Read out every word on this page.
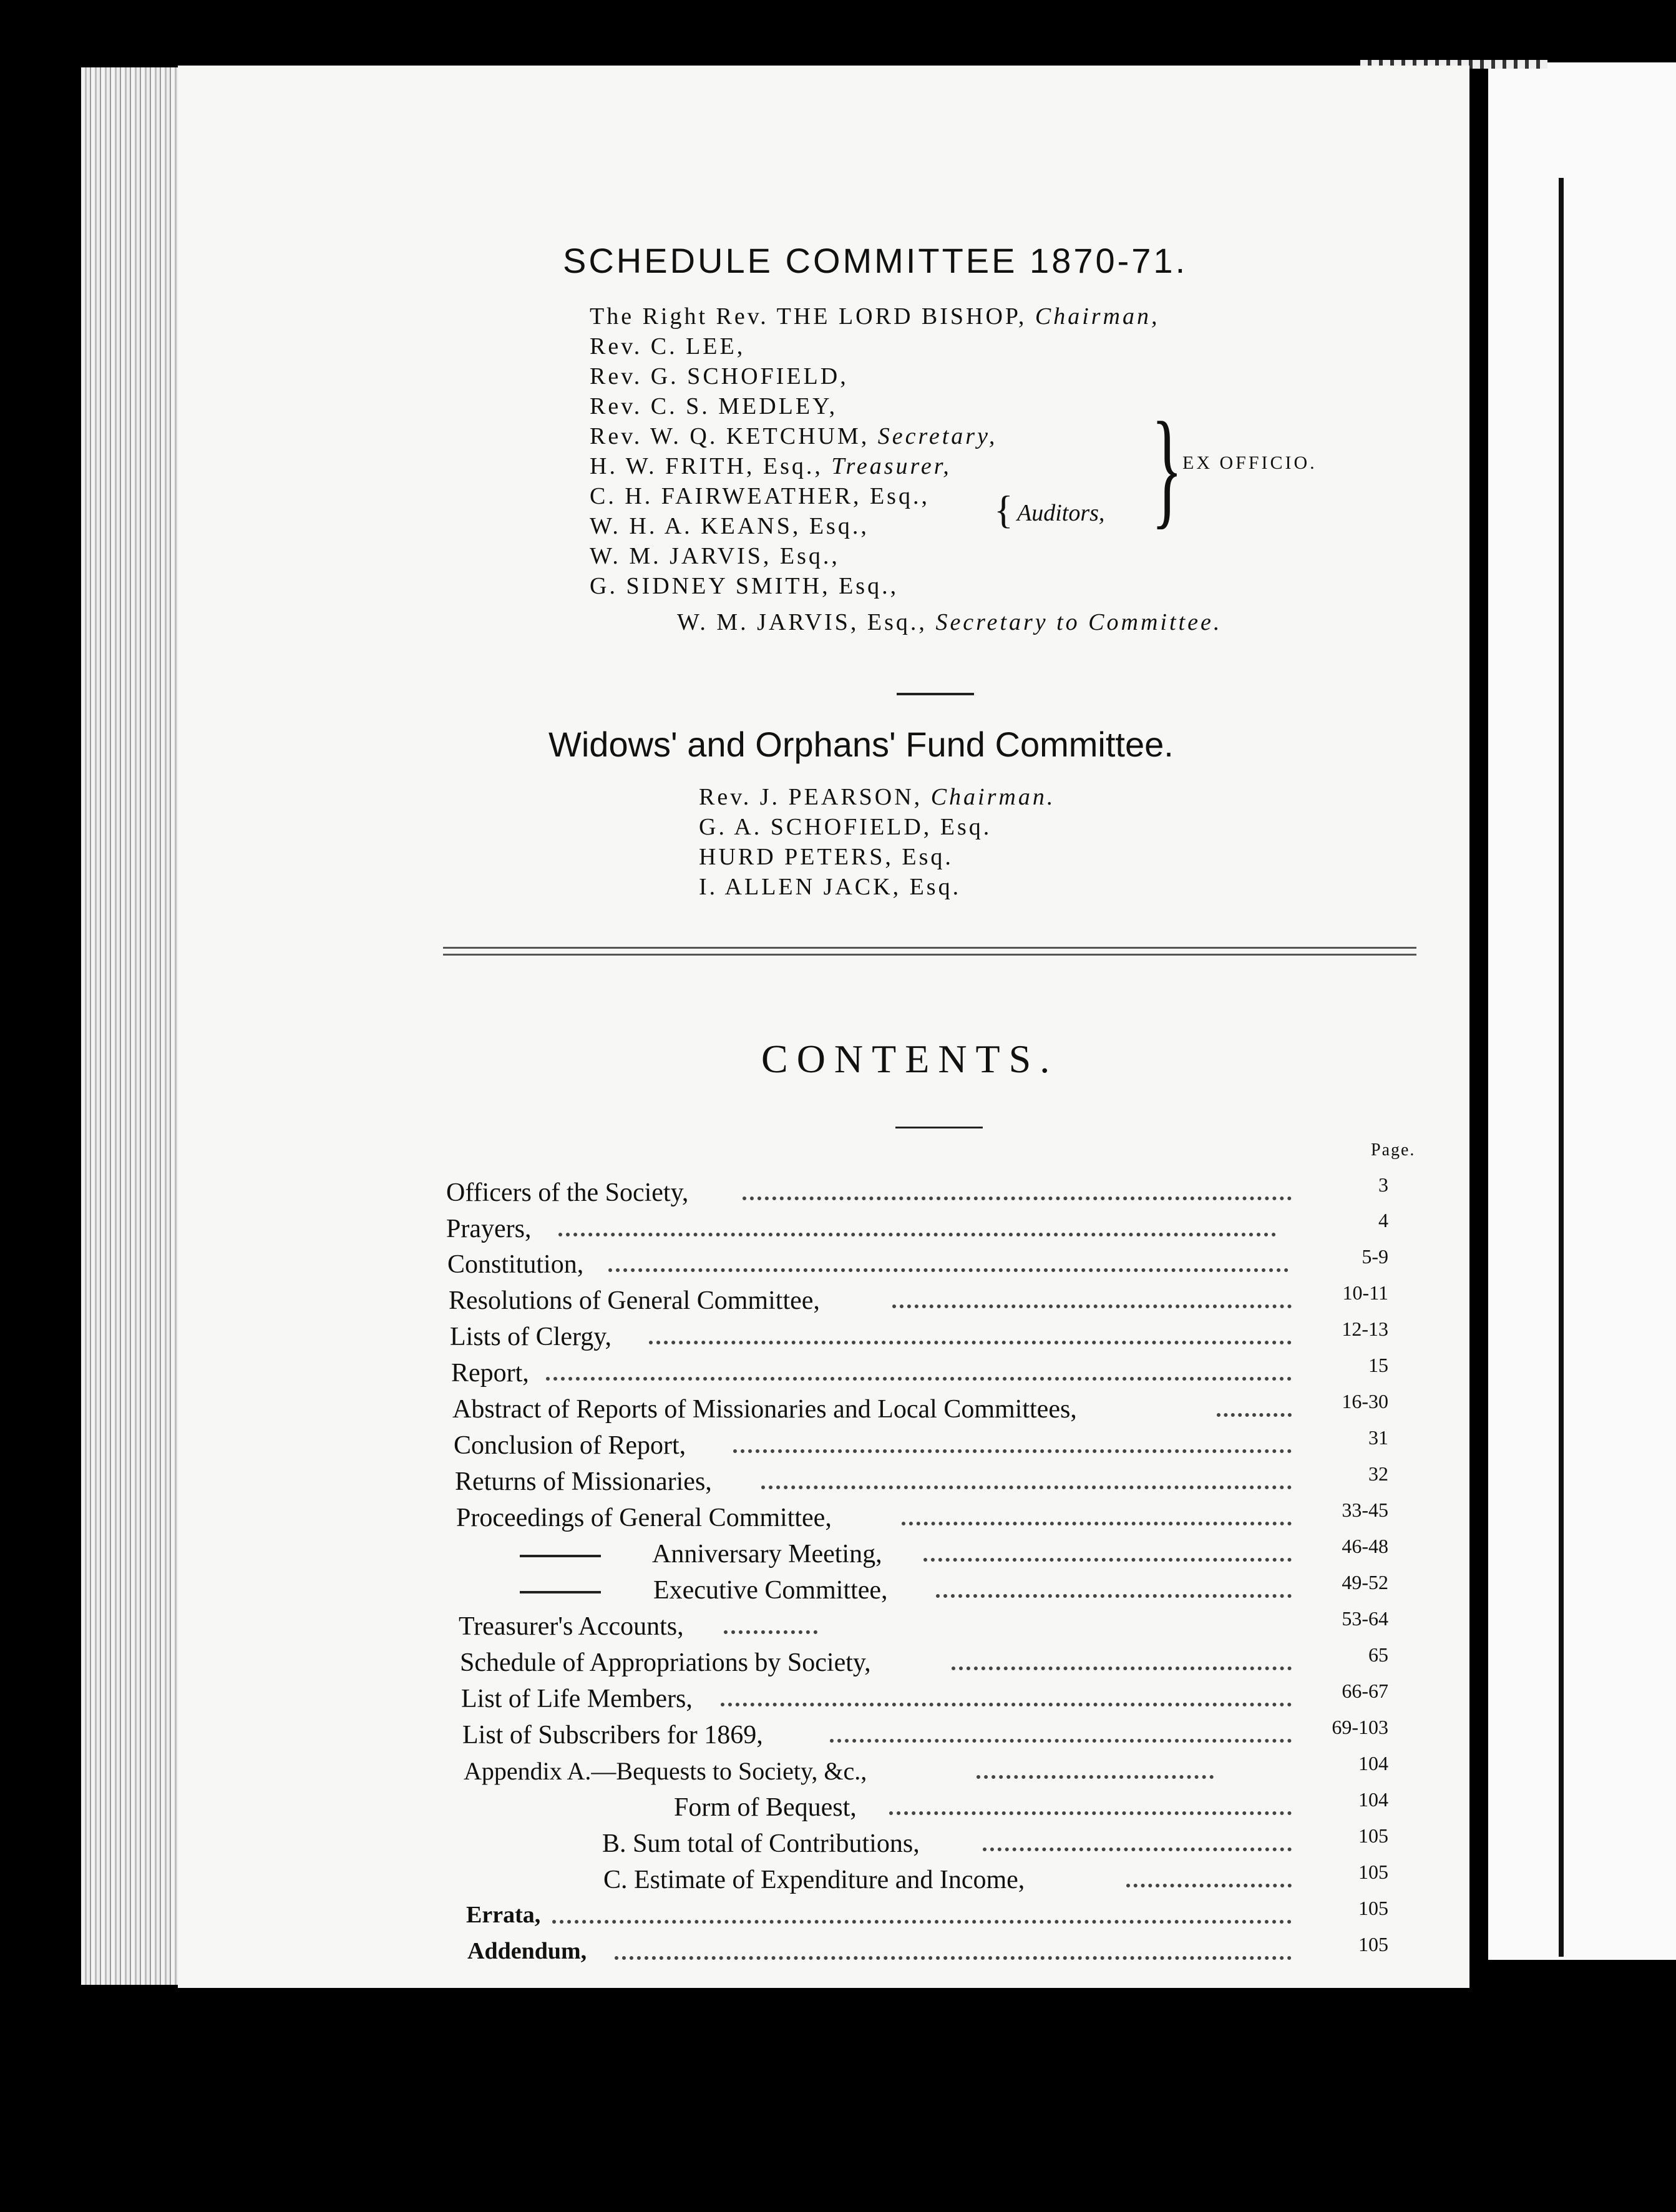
SCHEDULE COMMITTEE 1870-71.
The Right Rev. THE LORD BISHOP, Chairman,
Rev. C. LEE,
Rev. G. SCHOFIELD,
Rev. C. S. MEDLEY,
Rev. W. Q. KETCHUM, Secretary,
H. W. FRITH, Esq., Treasurer,
C. H. FAIRWEATHER, Esq.,
W. H. A. KEANS, Esq.,
W. M. JARVIS, Esq.,
G. SIDNEY SMITH, Esq.,
{ Auditors, } EX OFFICIO.
W. M. JARVIS, Esq., Secretary to Committee.
Widows' and Orphans' Fund Committee.
Rev. J. PEARSON, Chairman.
G. A. SCHOFIELD, Esq.
HURD PETERS, Esq.
I. ALLEN JACK, Esq.
CONTENTS.
Page.
Officers of the Society,	3
Prayers,	4
Constitution,	5-9
Resolutions of General Committee,	10-11
Lists of Clergy,	12-13
Report,	15
Abstract of Reports of Missionaries and Local Committees,	16-30
Conclusion of Report,	31
Returns of Missionaries,	32
Proceedings of General Committee,	33-45
Anniversary Meeting,	46-48
Executive Committee,	49-52
Treasurer's Accounts,	53-64
Schedule of Appropriations by Society,	65
List of Life Members,	66-67
List of Subscribers for 1869,	69-103
Appendix A.—Bequests to Society, &c.,	104
Form of Bequest,	104
B. Sum total of Contributions,	105
C. Estimate of Expenditure and Income,	105
Errata,	105
Addendum,	105
